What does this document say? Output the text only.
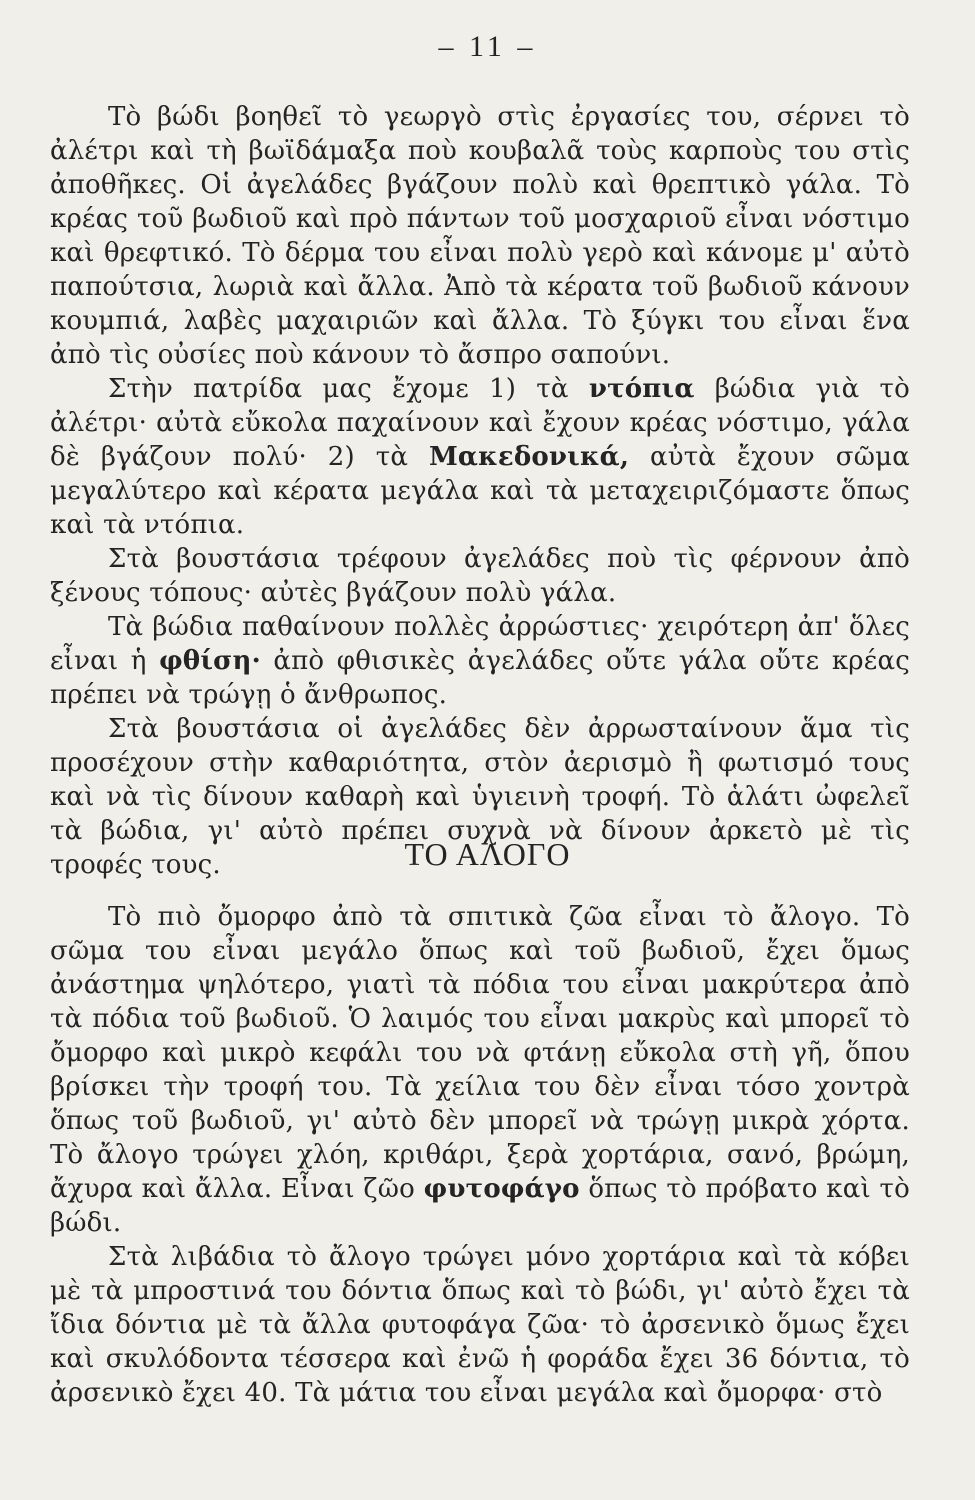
– 11 –

Τὸ βώδι βοηθεῖ τὸ γεωργὸ στὶς ἐργασίες του, σέρνει τὸ ἀλέτρι καὶ τὴ βωϊδάμαξα ποὺ κουβαλᾶ τοὺς καρποὺς του στὶς ἀποθῆκες. Οἱ ἀγελάδες βγάζουν πολὺ καὶ θρεπτικὸ γάλα. Τὸ κρέας τοῦ βωδιοῦ καὶ πρὸ πάντων τοῦ μοσχαριοῦ εἶναι νόστιμο καὶ θρεφτικό. Τὸ δέρμα του εἶναι πολὺ γερὸ καὶ κάνομε μ' αὐτὸ παπούτσια, λωριὰ καὶ ἄλλα. Ἀπὸ τὰ κέρατα τοῦ βωδιοῦ κάνουν κουμπιά, λαβὲς μαχαιριῶν καὶ ἄλλα. Τὸ ξύγκι του εἶναι ἕνα ἀπὸ τὶς οὐσίες ποὺ κάνουν τὸ ἄσπρο σαπούνι.

Στὴν πατρίδα μας ἔχομε 1) τὰ ντόπια βώδια γιὰ τὸ ἀλέτρι· αὐτὰ εὔκολα παχαίνουν καὶ ἔχουν κρέας νόστιμο, γάλα δὲ βγάζουν πολύ· 2) τὰ Μακεδονικά, αὐτὰ ἔχουν σῶμα μεγαλύτερο καὶ κέρατα μεγάλα καὶ τὰ μεταχειριζόμαστε ὅπως καὶ τὰ ντόπια.

Στὰ βουστάσια τρέφουν ἀγελάδες ποὺ τὶς φέρνουν ἀπὸ ξένους τόπους· αὐτὲς βγάζουν πολὺ γάλα.

Τὰ βώδια παθαίνουν πολλὲς ἀρρώστιες· χειρότερη ἀπ' ὅλες εἶναι ἡ φθίση· ἀπὸ φθισικὲς ἀγελάδες οὔτε γάλα οὔτε κρέας πρέπει νὰ τρώγῃ ὁ ἄνθρωπος.

Στὰ βουστάσια οἱ ἀγελάδες δὲν ἀρρωσταίνουν ἅμα τὶς προσέχουν στὴν καθαριότητα, στὸν ἀερισμὸ ἢ φωτισμό τους καὶ νὰ τὶς δίνουν καθαρὴ καὶ ὑγιεινὴ τροφή. Τὸ ἁλάτι ὠφελεῖ τὰ βώδια, γι' αὐτὸ πρέπει συχνὰ νὰ δίνουν ἀρκετὸ μὲ τὶς τροφές τους.	ΤΟ ΑΛΟΓΟ

Τὸ πιὸ ὄμορφο ἀπὸ τὰ σπιτικὰ ζῶα εἶναι τὸ ἄλογο. Τὸ σῶμα του εἶναι μεγάλο ὅπως καὶ τοῦ βωδιοῦ, ἔχει ὅμως ἀνάστημα ψηλότερο, γιατὶ τὰ πόδια του εἶναι μακρύτερα ἀπὸ τὰ πόδια τοῦ βωδιοῦ. Ὁ λαιμός του εἶναι μακρὺς καὶ μπορεῖ τὸ ὄμορφο καὶ μικρὸ κεφάλι του νὰ φτάνῃ εὔκολα στὴ γῆ, ὅπου βρίσκει τὴν τροφή του. Τὰ χείλια του δὲν εἶναι τόσο χοντρὰ ὅπως τοῦ βωδιοῦ, γι' αὐτὸ δὲν μπορεῖ νὰ τρώγῃ μικρὰ χόρτα. Τὸ ἄλογο τρώγει χλόη, κριθάρι, ξερὰ χορτάρια, σανό, βρώμη, ἄχυρα καὶ ἄλλα. Εἶναι ζῶο φυτοφάγο ὅπως τὸ πρόβατο καὶ τὸ βώδι.

Στὰ λιβάδια τὸ ἄλογο τρώγει μόνο χορτάρια καὶ τὰ κόβει μὲ τὰ μπροστινά του δόντια ὅπως καὶ τὸ βώδι, γι' αὐτὸ ἔχει τὰ ἴδια δόντια μὲ τὰ ἄλλα φυτοφάγα ζῶα· τὸ ἀρσενικὸ ὅμως ἔχει καὶ σκυλόδοντα τέσσερα καὶ ἐνῶ ἡ φοράδα ἔχει 36 δόντια, τὸ ἀρσενικὸ ἔχει 40. Τὰ μάτια του εἶναι μεγάλα καὶ ὄμορφα· στὸ
